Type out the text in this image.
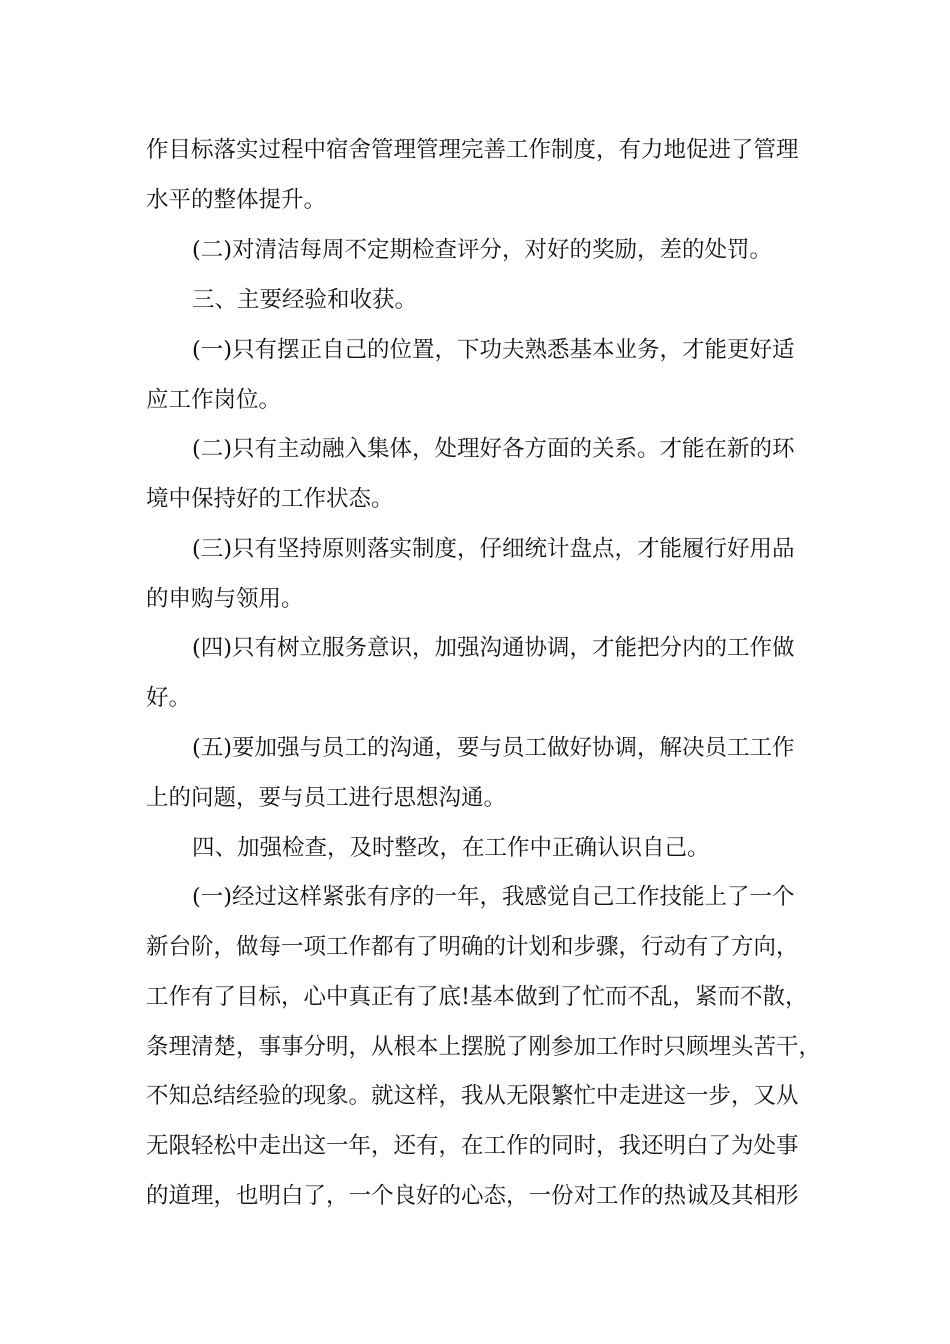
作目标落实过程中宿舍管理管理完善工作制度，有力地促进了管理
水平的整体提升。
(二)对清洁每周不定期检查评分，对好的奖励，差的处罚。
三、主要经验和收获。
(一)只有摆正自己的位置，下功夫熟悉基本业务，才能更好适
应工作岗位。
(二)只有主动融入集体，处理好各方面的关系。才能在新的环
境中保持好的工作状态。
(三)只有坚持原则落实制度，仔细统计盘点，才能履行好用品
的申购与领用。
(四)只有树立服务意识，加强沟通协调，才能把分内的工作做
好。
(五)要加强与员工的沟通，要与员工做好协调，解决员工工作
上的问题，要与员工进行思想沟通。
四、加强检查，及时整改，在工作中正确认识自己。
(一)经过这样紧张有序的一年，我感觉自己工作技能上了一个
新台阶，做每一项工作都有了明确的计划和步骤，行动有了方向，
工作有了目标，心中真正有了底!基本做到了忙而不乱，紧而不散，
条理清楚，事事分明，从根本上摆脱了刚参加工作时只顾埋头苦干，
不知总结经验的现象。就这样，我从无限繁忙中走进这一步，又从
无限轻松中走出这一年，还有，在工作的同时，我还明白了为处事
的道理，也明白了，一个良好的心态，一份对工作的热诚及其相形
